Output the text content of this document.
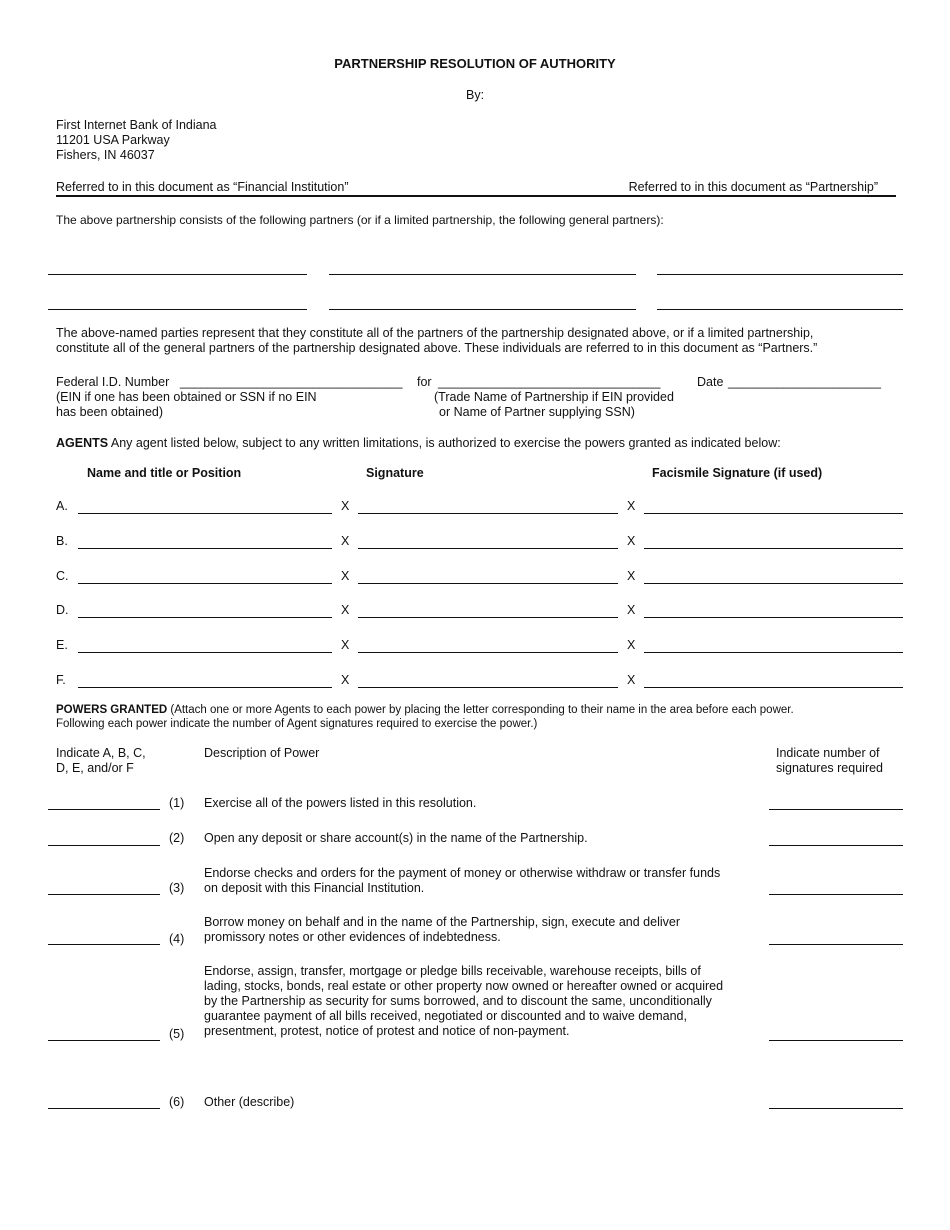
PARTNERSHIP RESOLUTION OF AUTHORITY
By:
First Internet Bank of Indiana
11201 USA Parkway
Fishers, IN 46037
Referred to in this document as “Financial Institution”	Referred to in this document as “Partnership”
The above partnership consists of the following partners (or if a limited partnership, the following general partners):
The above-named parties represent that they constitute all of the partners of the partnership designated above, or if a limited partnership,
constitute all of the general partners of the partnership designated above. These individuals are referred to in this document as “Partners.”
Federal I.D. Number ________________________________ for ________________________________	Date ______________________
(EIN if one has been obtained or SSN if no EIN
has been obtained)
(Trade Name of Partnership if EIN provided
or Name of Partner supplying SSN)
AGENTS Any agent listed below, subject to any written limitations, is authorized to exercise the powers granted as indicated below:
Name and title or Position	Signature	Facismile Signature (if used)
A.	X	X
B.	X	X
C.	X	X
D.	X	X
E.	X	X
F.	X	X
POWERS GRANTED (Attach one or more Agents to each power by placing the letter corresponding to their name in the area before each power.
Following each power indicate the number of Agent signatures required to exercise the power.)
Indicate A, B, C,
D, E, and/or F
Description of Power	Indicate number of
signatures required
(1) Exercise all of the powers listed in this resolution.
(2) Open any deposit or share account(s) in the name of the Partnership.
(3)
Endorse checks and orders for the payment of money or otherwise withdraw or transfer funds
on deposit with this Financial Institution.
(4)
Borrow money on behalf and in the name of the Partnership, sign, execute and deliver
promissory notes or other evidences of indebtedness.
(5)
Endorse, assign, transfer, mortgage or pledge bills receivable, warehouse receipts, bills of
lading, stocks, bonds, real estate or other property now owned or hereafter owned or acquired
by the Partnership as security for sums borrowed, and to discount the same, unconditionally
guarantee payment of all bills received, negotiated or discounted and to waive demand,
presentment, protest, notice of protest and notice of non-payment.
(6) Other (describe)
